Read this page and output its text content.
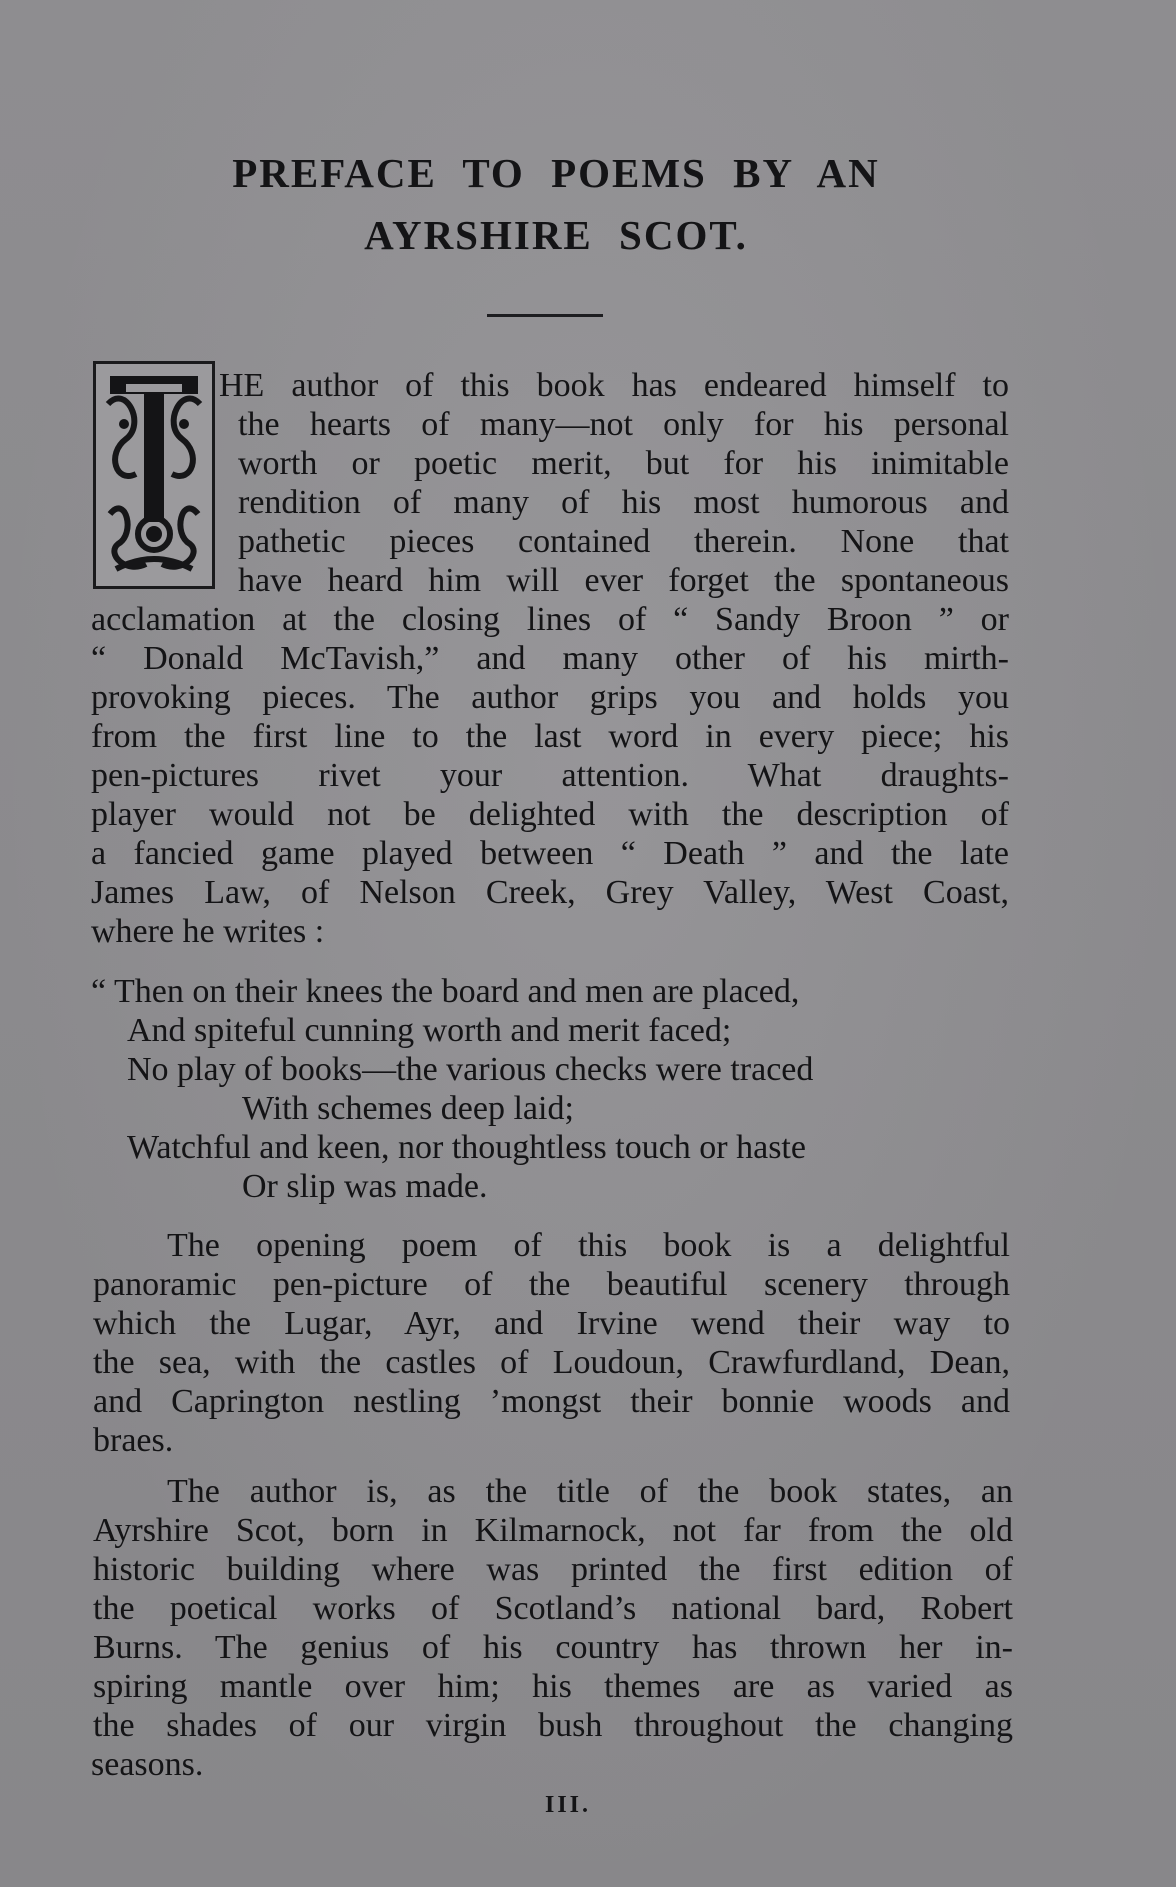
PREFACE TO POEMS BY AN
AYRSHIRE SCOT.
HE author of this book has endeared himself to
the hearts of many—not only for his personal
worth or poetic merit, but for his inimitable
rendition of many of his most humorous and
pathetic pieces contained therein. None that
have heard him will ever forget the spontaneous
acclamation at the closing lines of “ Sandy Broon ” or
“ Donald McTavish,” and many other of his mirth-
provoking pieces. The author grips you and holds you
from the first line to the last word in every piece; his
pen-pictures rivet your attention. What draughts-
player would not be delighted with the description of
a fancied game played between “ Death ” and the late
James Law, of Nelson Creek, Grey Valley, West Coast,
where he writes :
“ Then on their knees the board and men are placed,
And spiteful cunning worth and merit faced;
No play of books—the various checks were traced
With schemes deep laid;
Watchful and keen, nor thoughtless touch or haste
Or slip was made.
The opening poem of this book is a delightful
panoramic pen-picture of the beautiful scenery through
which the Lugar, Ayr, and Irvine wend their way to
the sea, with the castles of Loudoun, Crawfurdland, Dean,
and Caprington nestling ’mongst their bonnie woods and
braes.
The author is, as the title of the book states, an
Ayrshire Scot, born in Kilmarnock, not far from the old
historic building where was printed the first edition of
the poetical works of Scotland’s national bard, Robert
Burns. The genius of his country has thrown her in-
spiring mantle over him; his themes are as varied as
the shades of our virgin bush throughout the changing
seasons.
III.
